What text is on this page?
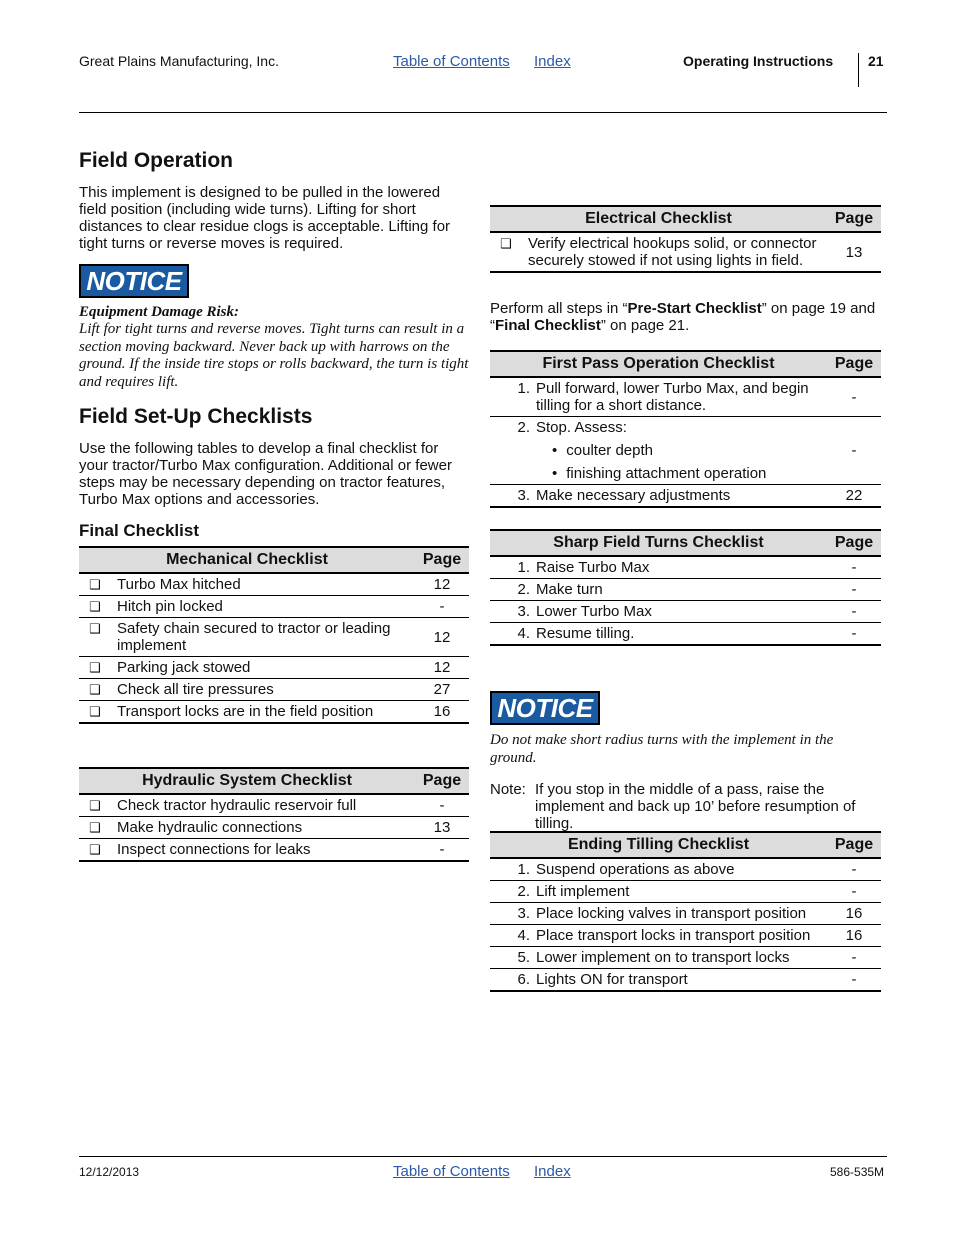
Great Plains Manufacturing, Inc.	Table of Contents Index	Operating Instructions 21
Field Operation

This implement is designed to be pulled in the lowered field position (including wide turns). Lifting for short distances to clear residue clogs is acceptable. Lifting for tight turns or reverse moves is required.

NOTICE

Equipment Damage Risk:

Lift for tight turns and reverse moves. Tight turns can result in a section moving backward. Never back up with harrows on the ground. If the inside tire stops or rolls backward, the turn is tight and requires lift.

Field Set-Up Checklists

Use the following tables to develop a final checklist for your tractor/Turbo Max configuration. Additional or fewer steps may be necessary depending on tractor features, Turbo Max options and accessories.

Final Checklist
Mechanical Checklist		Page
❑	Turbo Max hitched	12
❑	Hitch pin locked	-
❑	Safety chain secured to tractor or leading implement	12
❑	Parking jack stowed	12
❑	Check all tire pressures	27
❑	Transport locks are in the field position	16
Hydraulic System Checklist		Page
❑	Check tractor hydraulic reservoir full	-
❑	Make hydraulic connections	13
❑	Inspect connections for leaks	-
Electrical Checklist		Page
❑	Verify electrical hookups solid, or connector securely stowed if not using lights in field.	13

Perform all steps in “Pre-Start Checklist” on page 19 and “Final Checklist” on page 21.

First Pass Operation Checklist		Page
1.	Pull forward, lower Turbo Max, and begin tilling for a short distance.	-
2.	Stop. Assess:
• coulter depth
• finishing attachment operation	-
3.	Make necessary adjustments	22
Sharp Field Turns Checklist		Page
1.	Raise Turbo Max	-
2.	Make turn	-
3.	Lower Turbo Max	-
4.	Resume tilling.	-
NOTICE

Do not make short radius turns with the implement in the ground.

Note: If you stop in the middle of a pass, raise the implement and back up 10’ before resumption of tilling.
Ending Tilling Checklist		Page
1.	Suspend operations as above	-
2.	Lift implement	-
3.	Place locking valves in transport position	16
4.	Place transport locks in transport position	16
5.	Lower implement on to transport locks	-
6.	Lights ON for transport	-
12/12/2013	Table of Contents Index	586-535M
